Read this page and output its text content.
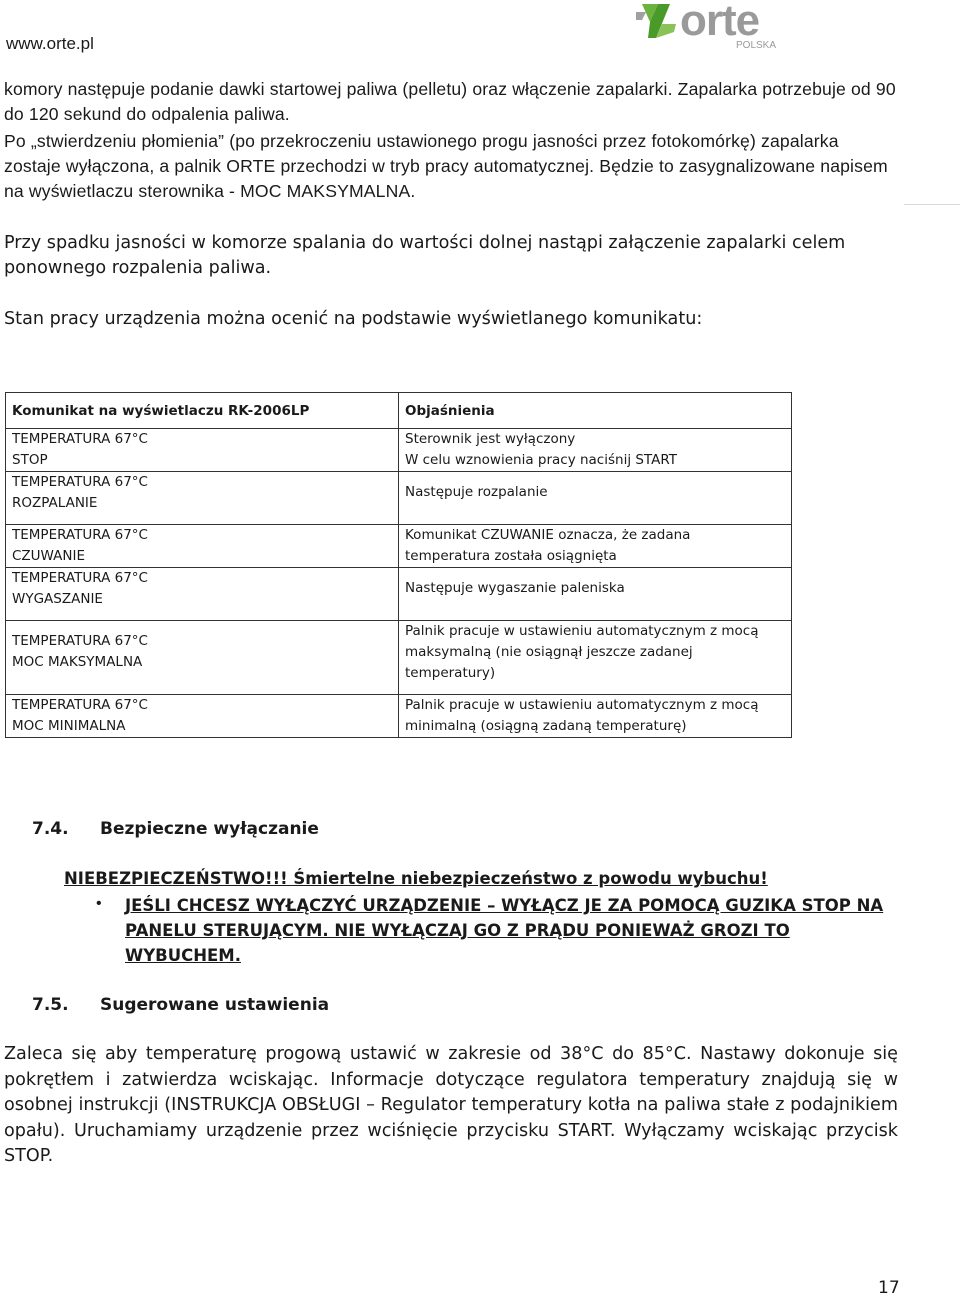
www.orte.pl	orte
POLSKA

komory następuje podanie dawki startowej paliwa (pelletu) oraz włączenie zapalarki. Zapalarka potrzebuje od 90 do 120 sekund do odpalenia paliwa.

Po „stwierdzeniu płomienia” (po przekroczeniu ustawionego progu jasności przez fotokomórkę) zapalarka zostaje wyłączona, a palnik ORTE przechodzi w tryb pracy automatycznej. Będzie to zasygnalizowane napisem na wyświetlaczu sterownika - MOC MAKSYMALNA.

Przy spadku jasności w komorze spalania do wartości dolnej nastąpi załączenie zapalarki celem ponownego rozpalenia paliwa.

Stan pracy urządzenia można ocenić na podstawie wyświetlanego komunikatu:

Komunikat na wyświetlaczu RK-2006LP	Objaśnienia
TEMPERATURA 67°C
STOP	Sterownik jest wyłączony
W celu wznowienia pracy naciśnij START
TEMPERATURA 67°C
ROZPALANIE	Następuje rozpalanie
TEMPERATURA 67°C
CZUWANIE	Komunikat CZUWANIE oznacza, że zadana
temperatura została osiągnięta
TEMPERATURA 67°C
WYGASZANIE	Następuje wygaszanie paleniska
TEMPERATURA 67°C
MOC MAKSYMALNA	Palnik pracuje w ustawieniu automatycznym z mocą
maksymalną (nie osiągnął jeszcze zadanej
temperatury)
TEMPERATURA 67°C
MOC MINIMALNA	Palnik pracuje w ustawieniu automatycznym z mocą
minimalną (osiągną zadaną temperaturę)
7.4. Bezpieczne wyłączanie
NIEBEZPIECZEŃSTWO!!! Śmiertelne niebezpieczeństwo z powodu wybuchu!
• JEŚLI CHCESZ WYŁĄCZYĆ URZĄDZENIE – WYŁĄCZ JE ZA POMOCĄ GUZIKA STOP NA PANELU STERUJĄCYM. NIE WYŁĄCZAJ GO Z PRĄDU PONIEWAŻ GROZI TO WYBUCHEM.
7.5. Sugerowane ustawienia

Zaleca się aby temperaturę progową ustawić w zakresie od 38°C do 85°C. Nastawy dokonuje się pokrętłem i zatwierdza wciskając. Informacje dotyczące regulatora temperatury znajdują się w osobnej instrukcji (INSTRUKCJA OBSŁUGI – Regulator temperatury kotła na paliwa stałe z podajnikiem opału). Uruchamiamy urządzenie przez wciśnięcie przycisku START. Wyłączamy wciskając przycisk STOP.

17
